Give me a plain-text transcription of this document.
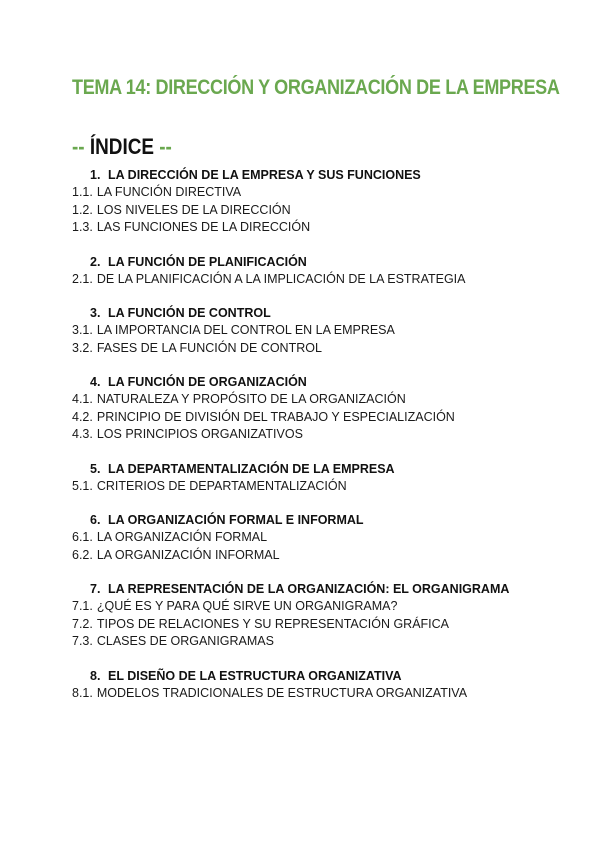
TEMA 14: DIRECCIÓN Y ORGANIZACIÓN DE LA EMPRESA
-- ÍNDICE --
1. LA DIRECCIÓN DE LA EMPRESA Y SUS FUNCIONES
1.1. LA FUNCIÓN DIRECTIVA
1.2. LOS NIVELES DE LA DIRECCIÓN
1.3. LAS FUNCIONES DE LA DIRECCIÓN
2. LA FUNCIÓN DE PLANIFICACIÓN
2.1. DE LA PLANIFICACIÓN A LA IMPLICACIÓN DE LA ESTRATEGIA
3. LA FUNCIÓN DE CONTROL
3.1. LA IMPORTANCIA DEL CONTROL EN LA EMPRESA
3.2. FASES DE LA FUNCIÓN DE CONTROL
4. LA FUNCIÓN DE ORGANIZACIÓN
4.1. NATURALEZA Y PROPÓSITO DE LA ORGANIZACIÓN
4.2. PRINCIPIO DE DIVISIÓN DEL TRABAJO Y ESPECIALIZACIÓN
4.3. LOS PRINCIPIOS ORGANIZATIVOS
5. LA DEPARTAMENTALIZACIÓN DE LA EMPRESA
5.1. CRITERIOS DE DEPARTAMENTALIZACIÓN
6. LA ORGANIZACIÓN FORMAL E INFORMAL
6.1. LA ORGANIZACIÓN FORMAL
6.2. LA ORGANIZACIÓN INFORMAL
7. LA REPRESENTACIÓN DE LA ORGANIZACIÓN: EL ORGANIGRAMA
7.1. ¿QUÉ ES Y PARA QUÉ SIRVE UN ORGANIGRAMA?
7.2. TIPOS DE RELACIONES Y SU REPRESENTACIÓN GRÁFICA
7.3. CLASES DE ORGANIGRAMAS
8. EL DISEÑO DE LA ESTRUCTURA ORGANIZATIVA
8.1. MODELOS TRADICIONALES DE ESTRUCTURA ORGANIZATIVA
